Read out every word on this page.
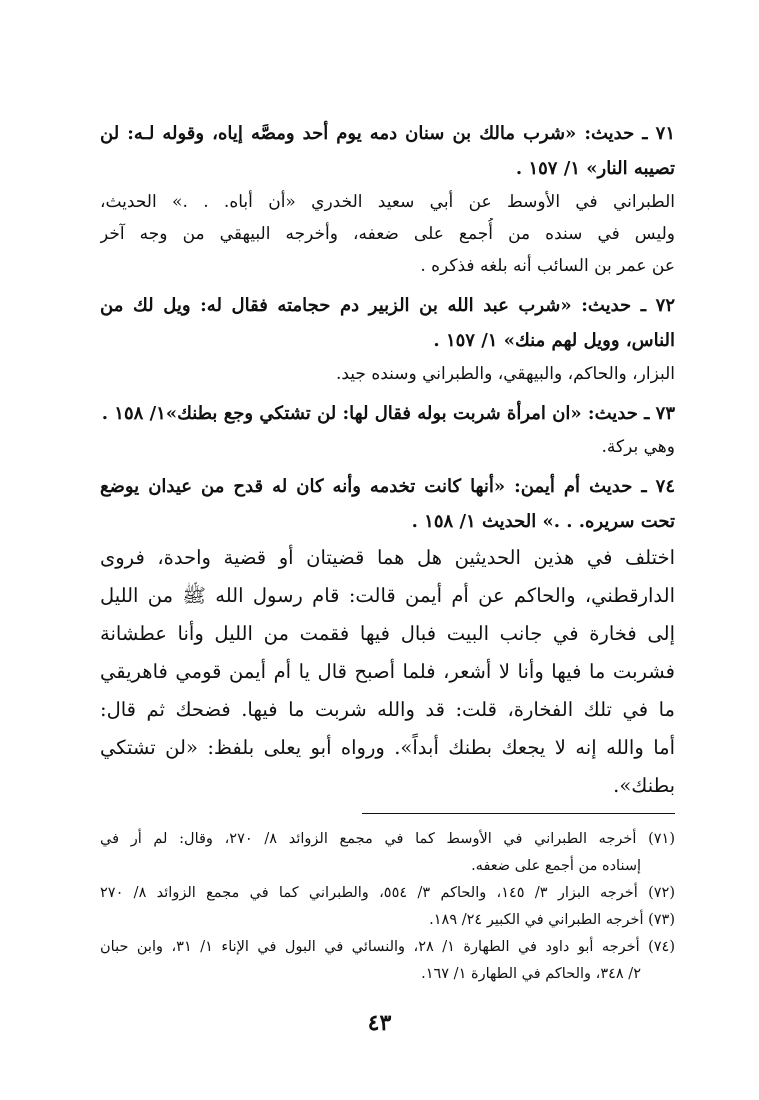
٧١ ـ حديث: «شرب مالك بن سنان دمه يوم أحد ومصَّه إياه، وقوله لـه: لن
تصيبه النار» ١/ ١٥٧ .
الطبراني في الأوسط عن أبي سعيد الخدري «أن أباه. . .» الحديث،
وليس في سنده من أُجمع على ضعفه، وأخرجه البيهقي من وجه آخر
عن عمر بن السائب أنه بلغه فذكره .
٧٢ ـ حديث: «شرب عبد الله بن الزبير دم حجامته فقال له: ويل لك من
الناس، وويل لهم منك» ١/ ١٥٧ .
البزار، والحاكم، والبيهقي، والطبراني وسنده جيد.
٧٣ ـ حديث: «ان امرأة شربت بوله فقال لها: لن تشتكي وجع بطنك»١/ ١٥٨ .
وهي بركة.
٧٤ ـ حديث أم أيمن: «أنها كانت تخدمه وأنه كان له قدح من عيدان يوضع
تحت سريره. . .» الحديث ١/ ١٥٨ .
اختلف في هذين الحديثين هل هما قضيتان أو قضية واحدة، فروى
الدارقطني، والحاكم عن أم أيمن قالت: قام رسول الله ﷺ من الليل
إلى فخارة في جانب البيت فبال فيها فقمت من الليل وأنا عطشانة
فشربت ما فيها وأنا لا أشعر، فلما أصبح قال يا أم أيمن قومي فاهريقي
ما في تلك الفخارة، قلت: قد والله شربت ما فيها. فضحك ثم قال:
أما والله إنه لا يجعك بطنك أبداً». ورواه أبو يعلى بلفظ: «لن تشتكي
بطنك».
(٧١) أخرجه الطبراني في الأوسط كما في مجمع الزوائد ٨/ ٢٧٠، وقال: لم أر في
إسناده من أجمع على ضعفه.
(٧٢) أخرجه البزار ٣/ ١٤٥، والحاكم ٣/ ٥٥٤، والطبراني كما في مجمع الزوائد ٨/ ٢٧٠
(٧٣) أخرجه الطبراني في الكبير ٢٤/ ١٨٩.
(٧٤) أخرجه أبو داود في الطهارة ١/ ٢٨، والنسائي في البول في الإناء ١/ ٣١، وابن حبان
٢/ ٣٤٨، والحاكم في الطهارة ١/ ١٦٧.
٤٣
